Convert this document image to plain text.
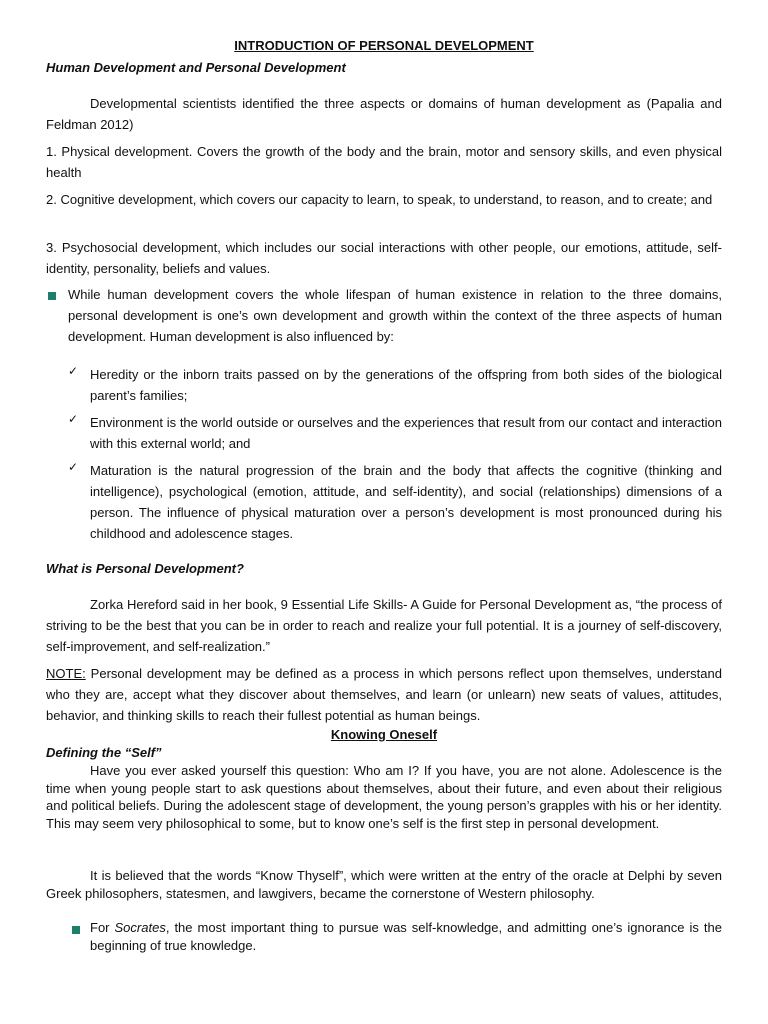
INTRODUCTION OF PERSONAL DEVELOPMENT
Human Development and Personal Development
Developmental scientists identified the three aspects or domains of human development as (Papalia and Feldman 2012)
1. Physical development. Covers the growth of the body and the brain, motor and sensory skills, and even physical health
2. Cognitive development, which covers our capacity to learn, to speak, to understand, to reason, and to create; and
3. Psychosocial development, which includes our social interactions with other people, our emotions, attitude, self-identity, personality, beliefs and values.
While human development covers the whole lifespan of human existence in relation to the three domains, personal development is one’s own development and growth within the context of the three aspects of human development. Human development is also influenced by:
✓ Heredity or the inborn traits passed on by the generations of the offspring from both sides of the biological parent’s families;
✓ Environment is the world outside or ourselves and the experiences that result from our contact and interaction with this external world; and
✓ Maturation is the natural progression of the brain and the body that affects the cognitive (thinking and intelligence), psychological (emotion, attitude, and self-identity), and social (relationships) dimensions of a person. The influence of physical maturation over a person’s development is most pronounced during his childhood and adolescence stages.
What is Personal Development?
Zorka Hereford said in her book, 9 Essential Life Skills- A Guide for Personal Development as, “the process of striving to be the best that you can be in order to reach and realize your full potential. It is a journey of self-discovery, self-improvement, and self-realization.”
NOTE: Personal development may be defined as a process in which persons reflect upon themselves, understand who they are, accept what they discover about themselves, and learn (or unlearn) new seats of values, attitudes, behavior, and thinking skills to reach their fullest potential as human beings.
Knowing Oneself
Defining the “Self”
Have you ever asked yourself this question: Who am I? If you have, you are not alone. Adolescence is the time when young people start to ask questions about themselves, about their future, and even about their religious and political beliefs. During the adolescent stage of development, the young person’s grapples with his or her identity. This may seem very philosophical to some, but to know one’s self is the first step in personal development.
It is believed that the words “Know Thyself”, which were written at the entry of the oracle at Delphi by seven Greek philosophers, statesmen, and lawgivers, became the cornerstone of Western philosophy.
For Socrates, the most important thing to pursue was self-knowledge, and admitting one’s ignorance is the beginning of true knowledge.
